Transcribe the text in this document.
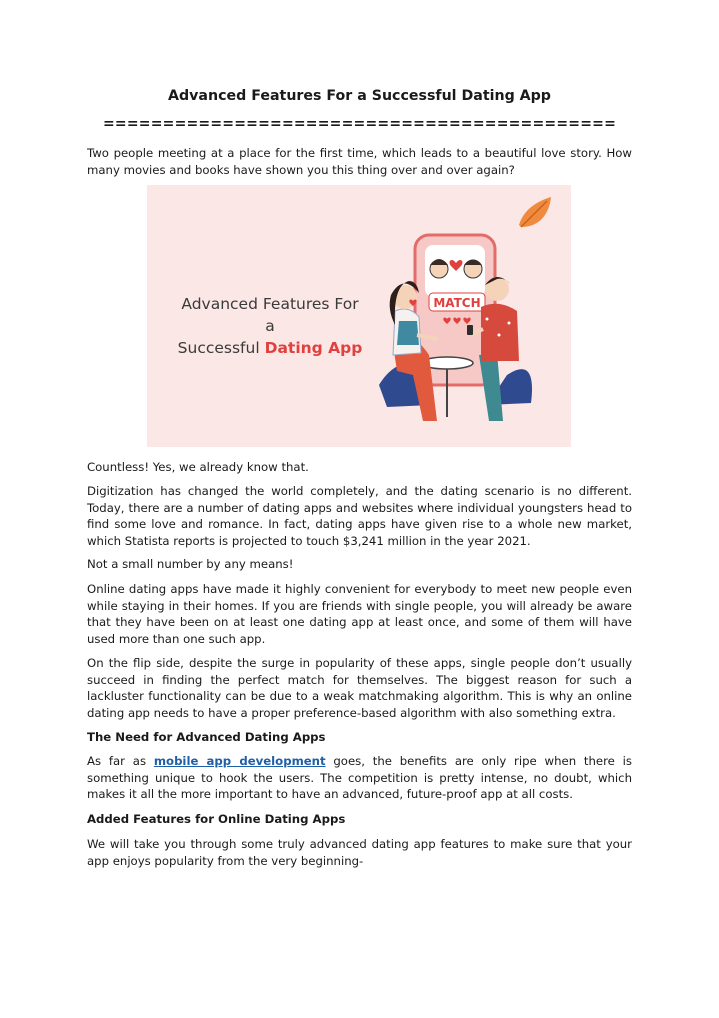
Advanced Features For a Successful Dating App
===========================================
Two people meeting at a place for the first time, which leads to a beautiful love story. How many movies and books have shown you this thing over and over again?
MATCH
Advanced Features For a
Successful Dating App
Countless! Yes, we already know that.
Digitization has changed the world completely, and the dating scenario is no different. Today, there are a number of dating apps and websites where individual youngsters head to find some love and romance. In fact, dating apps have given rise to a whole new market, which Statista reports is projected to touch $3,241 million in the year 2021.
Not a small number by any means!
Online dating apps have made it highly convenient for everybody to meet new people even while staying in their homes. If you are friends with single people, you will already be aware that they have been on at least one dating app at least once, and some of them will have used more than one such app.
On the flip side, despite the surge in popularity of these apps, single people don’t usually succeed in finding the perfect match for themselves. The biggest reason for such a lackluster functionality can be due to a weak matchmaking algorithm. This is why an online dating app needs to have a proper preference-based algorithm with also something extra.
The Need for Advanced Dating Apps
As far as mobile app development goes, the benefits are only ripe when there is something unique to hook the users. The competition is pretty intense, no doubt, which makes it all the more important to have an advanced, future-proof app at all costs.
Added Features for Online Dating Apps
We will take you through some truly advanced dating app features to make sure that your app enjoys popularity from the very beginning-
